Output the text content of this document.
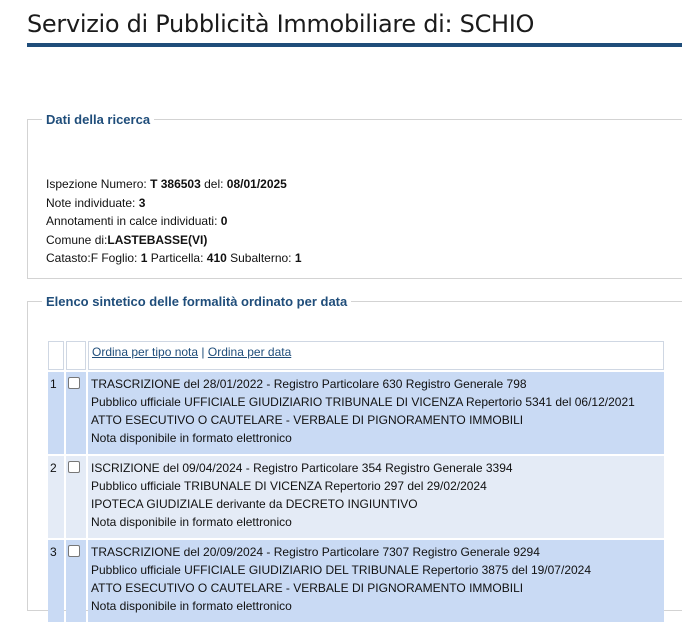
Servizio di Pubblicità Immobiliare di: SCHIO
Dati della ricerca
Ispezione Numero: T 386503 del: 08/01/2025
Note individuate: 3
Annotamenti in calce individuati: 0
Comune di:LASTEBASSE(VI)
Catasto:F Foglio: 1 Particella: 410 Subalterno: 1
Elenco sintetico delle formalità ordinato per data
		Ordina per tipo nota | Ordina per data
1		TRASCRIZIONE del 28/01/2022 - Registro Particolare 630 Registro Generale 798
Pubblico ufficiale UFFICIALE GIUDIZIARIO TRIBUNALE DI VICENZA Repertorio 5341 del 06/12/2021
ATTO ESECUTIVO O CAUTELARE - VERBALE DI PIGNORAMENTO IMMOBILI
Nota disponibile in formato elettronico

2		ISCRIZIONE del 09/04/2024 - Registro Particolare 354 Registro Generale 3394
Pubblico ufficiale TRIBUNALE DI VICENZA Repertorio 297 del 29/02/2024
IPOTECA GIUDIZIALE derivante da DECRETO INGIUNTIVO
Nota disponibile in formato elettronico

3		TRASCRIZIONE del 20/09/2024 - Registro Particolare 7307 Registro Generale 9294
Pubblico ufficiale UFFICIALE GIUDIZIARIO DEL TRIBUNALE Repertorio 3875 del 19/07/2024
ATTO ESECUTIVO O CAUTELARE - VERBALE DI PIGNORAMENTO IMMOBILI
Nota disponibile in formato elettronico
